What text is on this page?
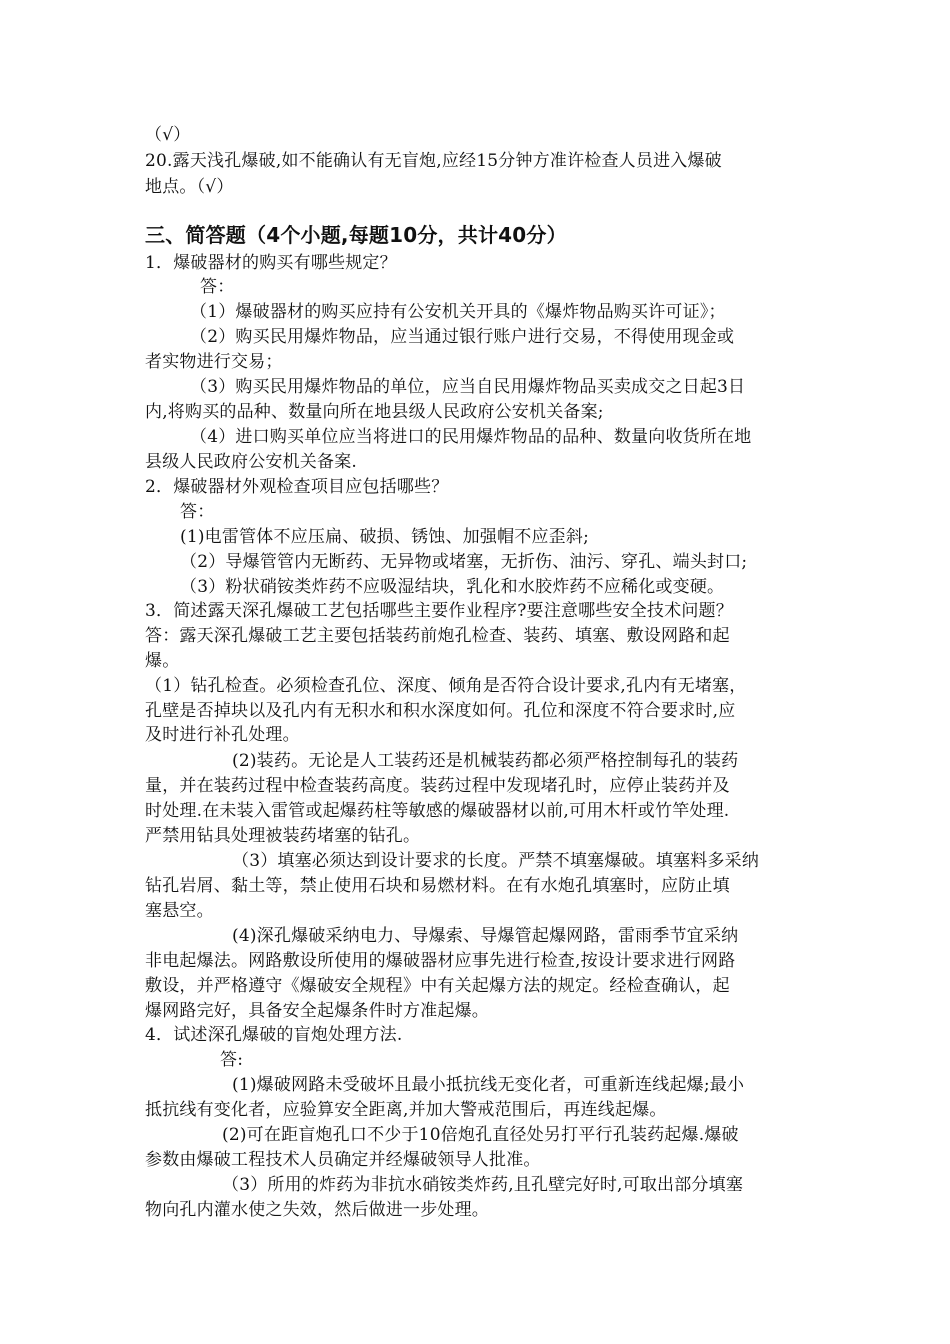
（√）
20.露天浅孔爆破,如不能确认有无盲炮,应经15分钟方准许检查人员进入爆破
地点。（√）
三、简答题（4个小题,每题10分，共计40分）
1．爆破器材的购买有哪些规定？
答：
（1）爆破器材的购买应持有公安机关开具的《爆炸物品购买许可证》；
（2）购买民用爆炸物品，应当通过银行账户进行交易，不得使用现金或
者实物进行交易；
（3）购买民用爆炸物品的单位，应当自民用爆炸物品买卖成交之日起3日
内,将购买的品种、数量向所在地县级人民政府公安机关备案;
（4）进口购买单位应当将进口的民用爆炸物品的品种、数量向收货所在地
县级人民政府公安机关备案.
2．爆破器材外观检查项目应包括哪些？
答：
(1)电雷管体不应压扁、破损、锈蚀、加强帽不应歪斜;
（2）导爆管管内无断药、无异物或堵塞，无折伤、油污、穿孔、端头封口;
（3）粉状硝铵类炸药不应吸湿结块，乳化和水胶炸药不应稀化或变硬。
3．简述露天深孔爆破工艺包括哪些主要作业程序?要注意哪些安全技术问题？
答：露天深孔爆破工艺主要包括装药前炮孔检查、装药、填塞、敷设网路和起
爆。
（1）钻孔检查。必须检查孔位、深度、倾角是否符合设计要求,孔内有无堵塞，
孔壁是否掉块以及孔内有无积水和积水深度如何。孔位和深度不符合要求时,应
及时进行补孔处理。
(2)装药。无论是人工装药还是机械装药都必须严格控制每孔的装药
量，并在装药过程中检查装药高度。装药过程中发现堵孔时，应停止装药并及
时处理.在未装入雷管或起爆药柱等敏感的爆破器材以前,可用木杆或竹竿处理.
严禁用钻具处理被装药堵塞的钻孔。
（3）填塞必须达到设计要求的长度。严禁不填塞爆破。填塞料多采纳
钻孔岩屑、黏土等，禁止使用石块和易燃材料。在有水炮孔填塞时，应防止填
塞悬空。
(4)深孔爆破采纳电力、导爆索、导爆管起爆网路，雷雨季节宜采纳
非电起爆法。网路敷设所使用的爆破器材应事先进行检查,按设计要求进行网路
敷设，并严格遵守《爆破安全规程》中有关起爆方法的规定。经检查确认，起
爆网路完好，具备安全起爆条件时方准起爆。
4．试述深孔爆破的盲炮处理方法.
答:
(1)爆破网路未受破坏且最小抵抗线无变化者，可重新连线起爆;最小
抵抗线有变化者，应验算安全距离,并加大警戒范围后，再连线起爆。
(2)可在距盲炮孔口不少于10倍炮孔直径处另打平行孔装药起爆.爆破
参数由爆破工程技术人员确定并经爆破领导人批准。
（3）所用的炸药为非抗水硝铵类炸药,且孔壁完好时,可取出部分填塞
物向孔内灌水使之失效，然后做进一步处理。
